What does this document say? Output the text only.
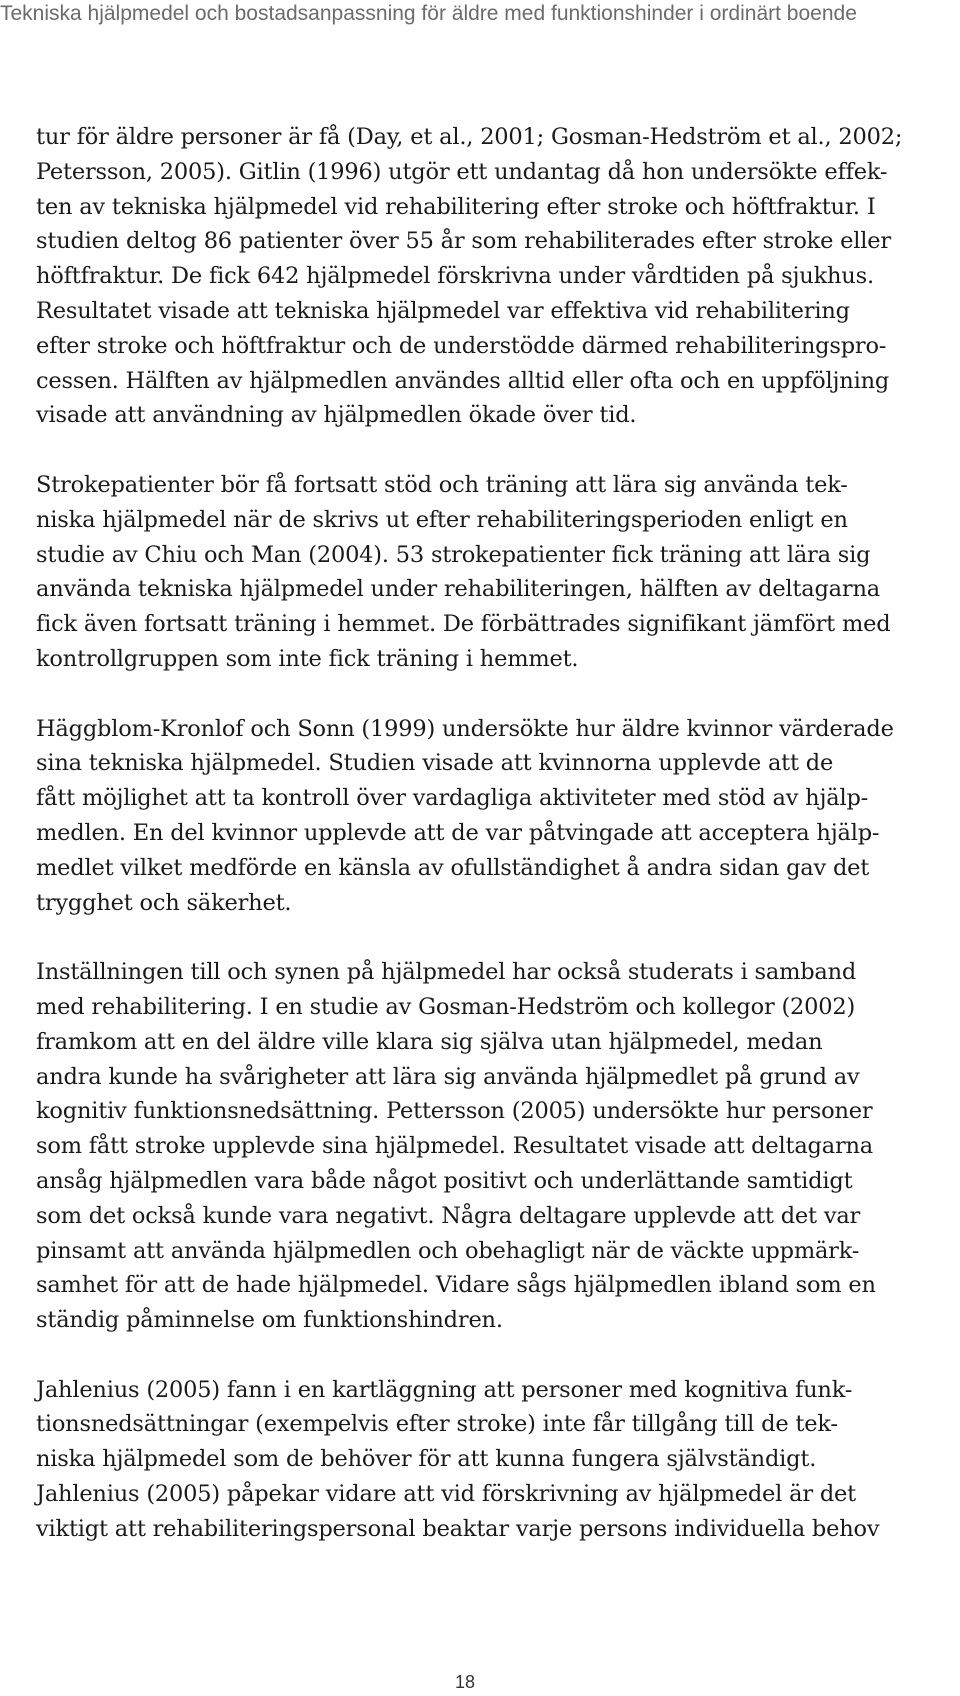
Tekniska hjälpmedel och bostadsanpassning för äldre med funktionshinder i ordinärt boende
tur för äldre personer är få (Day, et al., 2001; Gosman-Hedström et al., 2002;
Petersson, 2005). Gitlin (1996) utgör ett undantag då hon undersökte effek-
ten av tekniska hjälpmedel vid rehabilitering efter stroke och höftfraktur. I
studien deltog 86 patienter över 55 år som rehabiliterades efter stroke eller
höftfraktur. De fick 642 hjälpmedel förskrivna under vårdtiden på sjukhus.
Resultatet visade att tekniska hjälpmedel var effektiva vid rehabilitering
efter stroke och höftfraktur och de understödde därmed rehabiliteringspro-
cessen. Hälften av hjälpmedlen användes alltid eller ofta och en uppföljning
visade att användning av hjälpmedlen ökade över tid.
Strokepatienter bör få fortsatt stöd och träning att lära sig använda tek-
niska hjälpmedel när de skrivs ut efter rehabiliteringsperioden enligt en
studie av Chiu och Man (2004). 53 strokepatienter fick träning att lära sig
använda tekniska hjälpmedel under rehabiliteringen, hälften av deltagarna
fick även fortsatt träning i hemmet. De förbättrades signifikant jämfört med
kontrollgruppen som inte fick träning i hemmet.
Häggblom-Kronlof och Sonn (1999) undersökte hur äldre kvinnor värderade
sina tekniska hjälpmedel. Studien visade att kvinnorna upplevde att de
fått möjlighet att ta kontroll över vardagliga aktiviteter med stöd av hjälp-
medlen. En del kvinnor upplevde att de var påtvingade att acceptera hjälp-
medlet vilket medförde en känsla av ofullständighet å andra sidan gav det
trygghet och säkerhet.
Inställningen till och synen på hjälpmedel har också studerats i samband
med rehabilitering. I en studie av Gosman-Hedström och kollegor (2002)
framkom att en del äldre ville klara sig själva utan hjälpmedel, medan
andra kunde ha svårigheter att lära sig använda hjälpmedlet på grund av
kognitiv funktionsnedsättning. Pettersson (2005) undersökte hur personer
som fått stroke upplevde sina hjälpmedel. Resultatet visade att deltagarna
ansåg hjälpmedlen vara både något positivt och underlättande samtidigt
som det också kunde vara negativt. Några deltagare upplevde att det var
pinsamt att använda hjälpmedlen och obehagligt när de väckte uppmärk-
samhet för att de hade hjälpmedel. Vidare sågs hjälpmedlen ibland som en
ständig påminnelse om funktionshindren.
Jahlenius (2005) fann i en kartläggning att personer med kognitiva funk-
tionsnedsättningar (exempelvis efter stroke) inte får tillgång till de tek-
niska hjälpmedel som de behöver för att kunna fungera självständigt.
Jahlenius (2005) påpekar vidare att vid förskrivning av hjälpmedel är det
viktigt att rehabiliteringspersonal beaktar varje persons individuella behov
18
